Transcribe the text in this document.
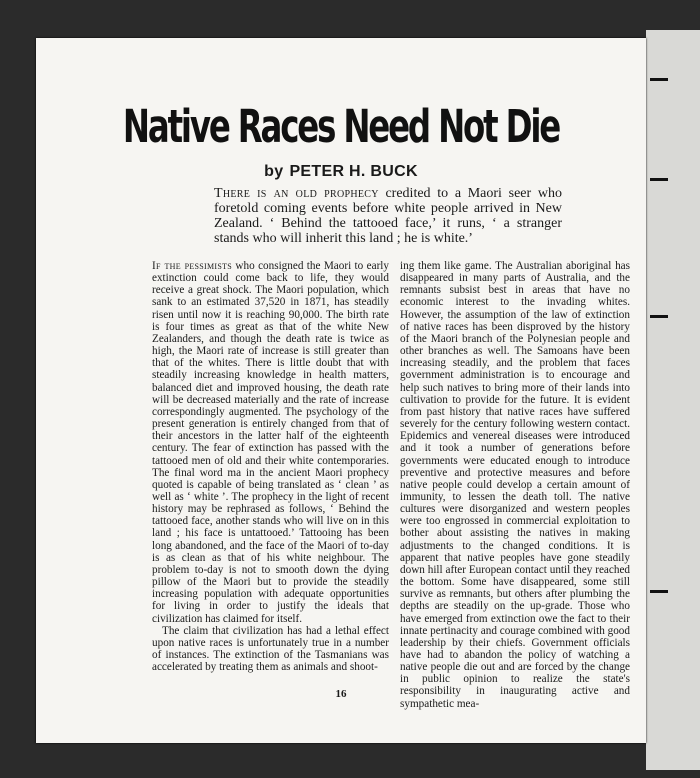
Native Races Need Not Die
by PETER H. BUCK
There is an old prophecy credited to a Maori seer who foretold coming events before white people arrived in New Zealand. ‘ Behind the tattooed face,’ it runs, ‘ a stranger stands who will inherit this land ; he is white.’

If the pessimists who consigned the Maori to early extinction could come back to life, they would receive a great shock. The Maori population, which sank to an estimated 37,520 in 1871, has steadily risen until now it is reaching 90,000. The birth rate is four times as great as that of the white New Zealanders, and though the death rate is twice as high, the Maori rate of increase is still greater than that of the whites. There is little doubt that with steadily increasing knowledge in health matters, balanced diet and improved housing, the death rate will be decreased materially and the rate of increase correspondingly augmented. The psychology of the present generation is entirely changed from that of their ancestors in the latter half of the eighteenth century. The fear of extinction has passed with the tattooed men of old and their white contemporaries. The final word ma in the ancient Maori prophecy quoted is capable of being translated as ‘ clean ’ as well as ‘ white ’. The prophecy in the light of recent history may be rephrased as follows, ‘ Behind the tattooed face, another stands who will live on in this land ; his face is untattooed.’ Tattooing has been long abandoned, and the face of the Maori of to-day is as clean as that of his white neighbour. The problem to-day is not to smooth down the dying pillow of the Maori but to provide the steadily increasing population with adequate opportunities for living in order to justify the ideals that civilization has claimed for itself.

The claim that civilization has had a lethal effect upon native races is unfortunately true in a number of instances. The extinction of the Tasmanians was accelerated by treating them as animals and shoot-

ing them like game. The Australian aboriginal has disappeared in many parts of Australia, and the remnants subsist best in areas that have no economic interest to the invading whites. However, the assumption of the law of extinction of native races has been disproved by the history of the Maori branch of the Polynesian people and other branches as well. The Samoans have been increasing steadily, and the problem that faces government administration is to encourage and help such natives to bring more of their lands into cultivation to provide for the future. It is evident from past history that native races have suffered severely for the century following western contact. Epidemics and venereal diseases were introduced and it took a number of generations before governments were educated enough to introduce preventive and protective measures and before native people could develop a certain amount of immunity, to lessen the death toll. The native cultures were disorganized and western peoples were too engrossed in commercial exploitation to bother about assisting the natives in making adjustments to the changed conditions. It is apparent that native peoples have gone steadily down hill after European contact until they reached the bottom. Some have disappeared, some still survive as remnants, but others after plumbing the depths are steadily on the up-grade. Those who have emerged from extinction owe the fact to their innate pertinacity and courage combined with good leadership by their chiefs. Government officials have had to abandon the policy of watching a native people die out and are forced by the change in public opinion to realize the state's responsibility in inaugurating active and sympathetic mea-

16
